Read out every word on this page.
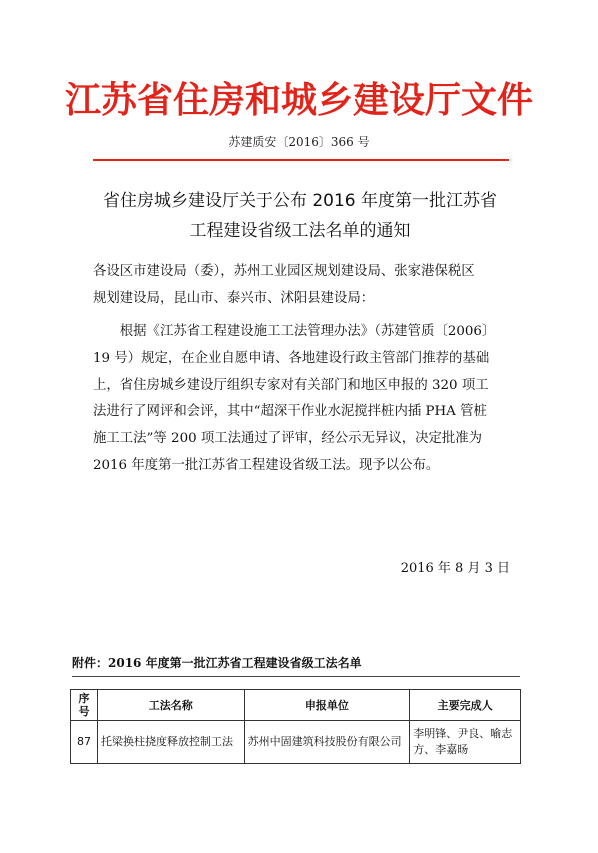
江苏省住房和城乡建设厅文件
苏建质安〔2016〕366 号
省住房城乡建设厅关于公布 2016 年度第一批江苏省
工程建设省级工法名单的通知
各设区市建设局（委），苏州工业园区规划建设局、张家港保税区
规划建设局，昆山市、泰兴市、沭阳县建设局：
　　根据《江苏省工程建设施工工法管理办法》（苏建管质〔2006〕
19 号）规定，在企业自愿申请、各地建设行政主管部门推荐的基础
上，省住房城乡建设厅组织专家对有关部门和地区申报的 320 项工
法进行了网评和会评，其中“超深干作业水泥搅拌桩内插 PHA 管桩
施工工法”等 200 项工法通过了评审，经公示无异议，决定批准为
2016 年度第一批江苏省工程建设省级工法。现予以公布。
2016 年 8 月 3 日
附件：2016 年度第一批江苏省工程建设省级工法名单
序号	工法名称	申报单位	主要完成人
87	托梁换柱挠度释放控制工法	苏州中固建筑科技股份有限公司	李明锋、尹良、喻志方、李嘉旸
